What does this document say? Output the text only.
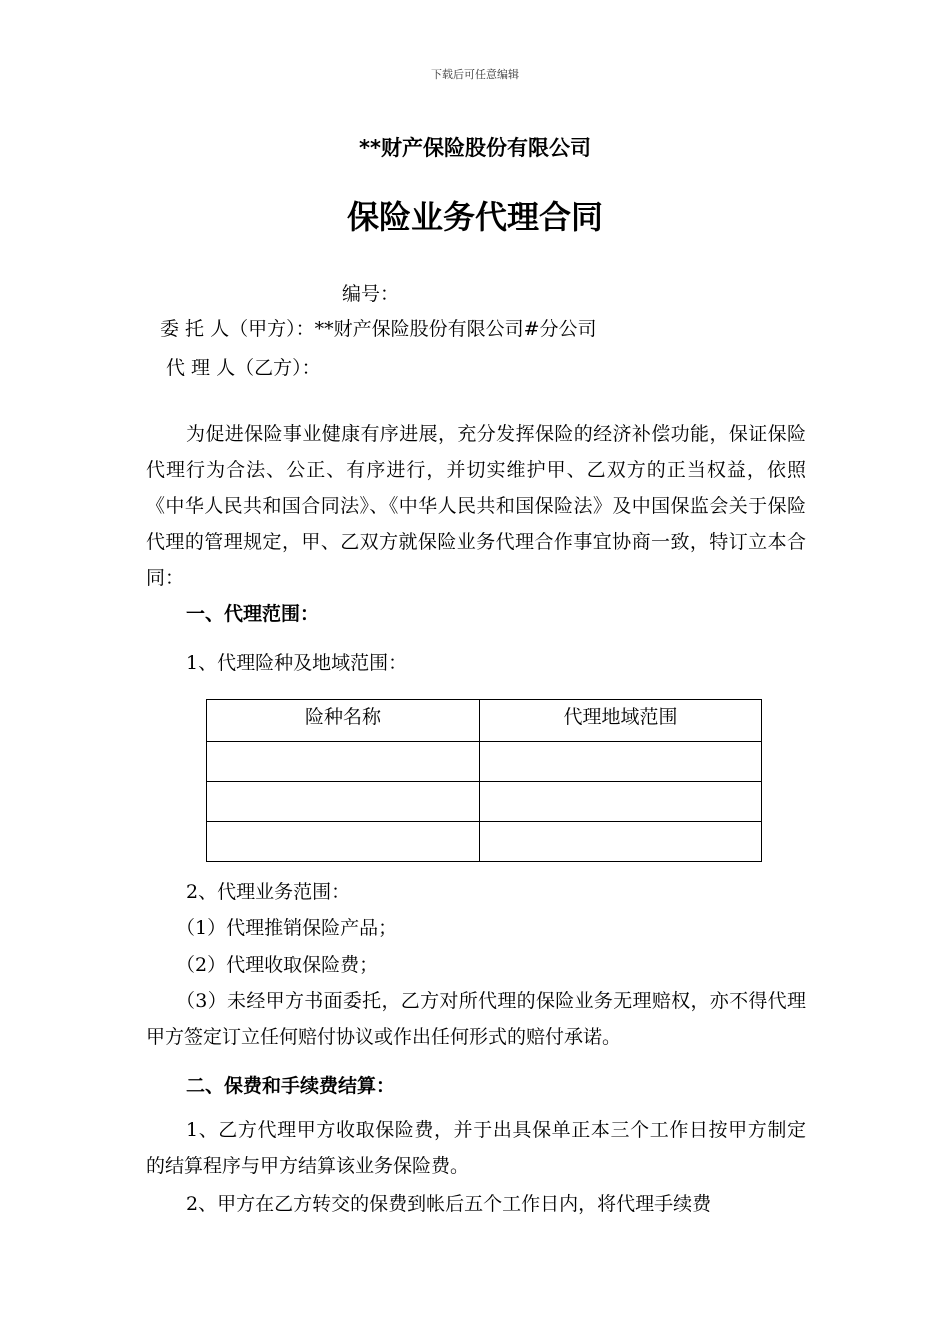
下载后可任意编辑
**财产保险股份有限公司
保险业务代理合同
编号：
委 托 人（甲方）：**财产保险股份有限公司#分公司
代 理 人（乙方）：
为促进保险事业健康有序进展，充分发挥保险的经济补偿功能，保证保险代理行为合法、公正、有序进行，并切实维护甲、乙双方的正当权益，依照《中华人民共和国合同法》、《中华人民共和国保险法》及中国保监会关于保险代理的管理规定，甲、乙双方就保险业务代理合作事宜协商一致，特订立本合同：
一、代理范围：
1、代理险种及地域范围：
险种名称	代理地域范围

2、代理业务范围：
（1）代理推销保险产品；
（2）代理收取保险费；
（3）未经甲方书面委托，乙方对所代理的保险业务无理赔权，亦不得代理甲方签定订立任何赔付协议或作出任何形式的赔付承诺。
二、保费和手续费结算：
1、乙方代理甲方收取保险费，并于出具保单正本三个工作日按甲方制定的结算程序与甲方结算该业务保险费。
2、甲方在乙方转交的保费到帐后五个工作日内，将代理手续费
